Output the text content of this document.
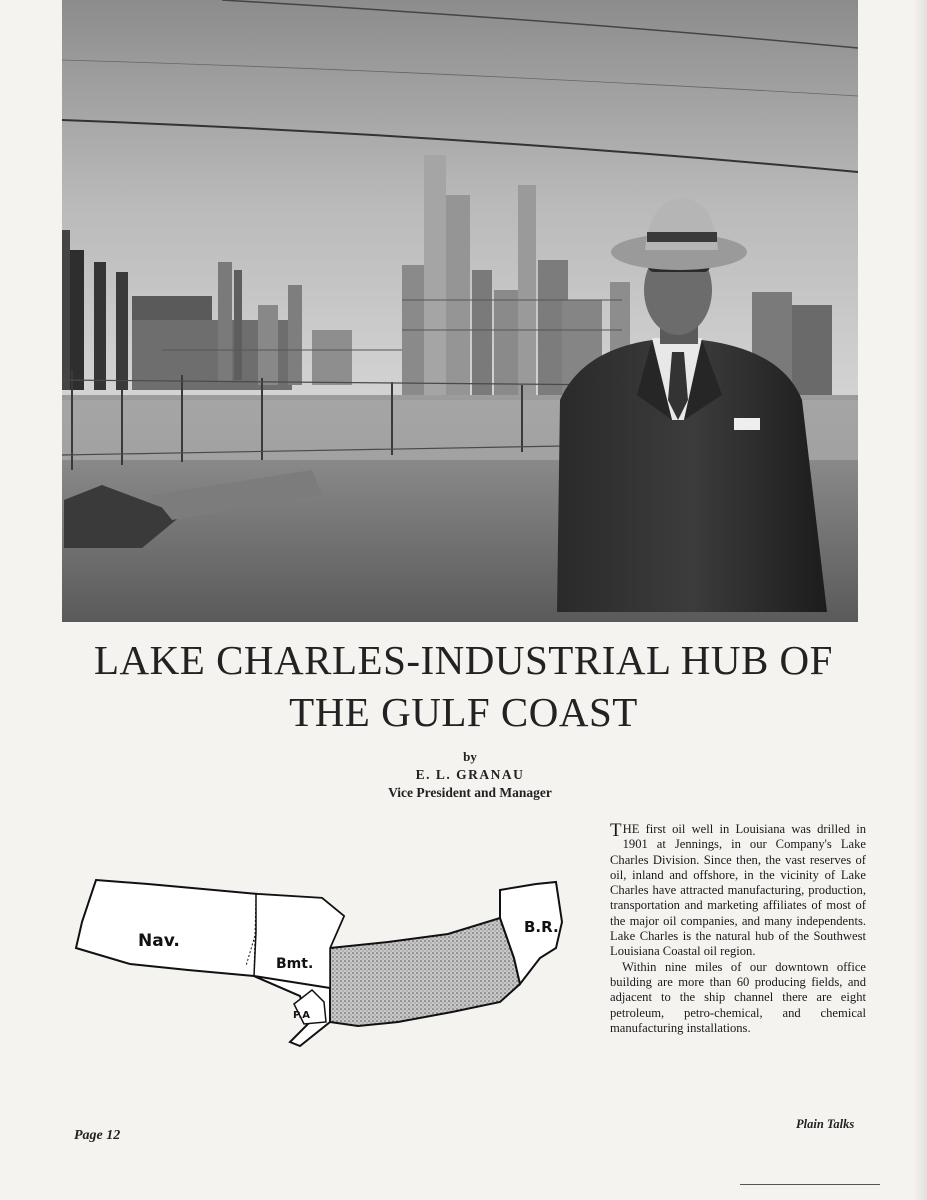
LAKE CHARLES-INDUSTRIAL HUB OF
THE GULF COAST
by
E. L. GRANAU
Vice President and Manager
Nav.
Bmt.
P.A
B.R.

THE first oil well in Louisiana was drilled in 1901 at Jennings, in our Company's Lake Charles Division. Since then, the vast reserves of oil, inland and offshore, in the vicinity of Lake Charles have attracted manufacturing, production, transportation and marketing affiliates of most of the major oil companies, and many independents. Lake Charles is the natural hub of the Southwest Louisiana Coastal oil region.

Within nine miles of our downtown office building are more than 60 producing fields, and adjacent to the ship channel there are eight petroleum, petro-chemical, and chemical manufacturing installations.

Page 12
Plain Talks
